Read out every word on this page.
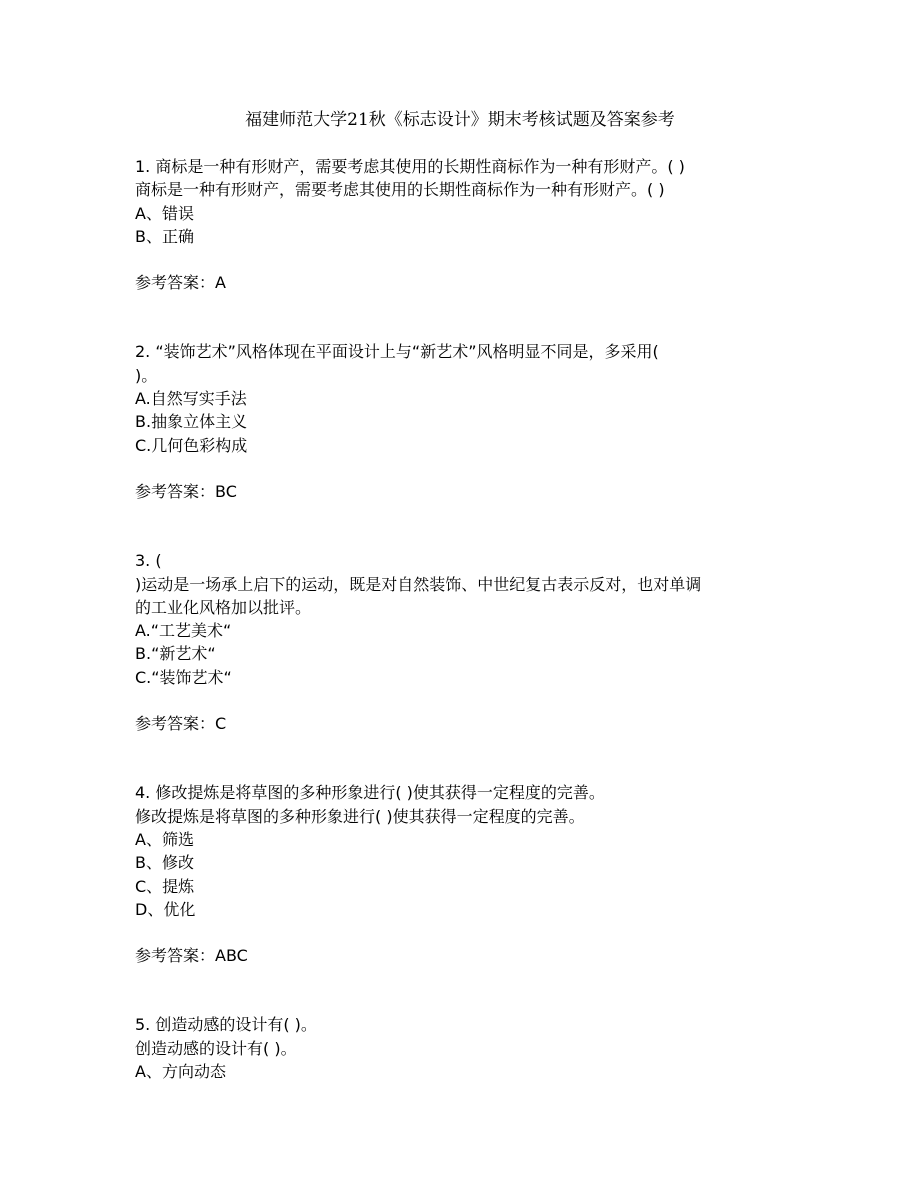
福建师范大学21秋《标志设计》期末考核试题及答案参考
1. 商标是一种有形财产，需要考虑其使用的长期性商标作为一种有形财产。( )
商标是一种有形财产，需要考虑其使用的长期性商标作为一种有形财产。( )
A、错误
B、正确
参考答案：A
2. “装饰艺术”风格体现在平面设计上与“新艺术”风格明显不同是，多采用(
)。
A.自然写实手法
B.抽象立体主义
C.几何色彩构成
参考答案：BC
3. (
)运动是一场承上启下的运动，既是对自然装饰、中世纪复古表示反对，也对单调
的工业化风格加以批评。
A.“工艺美术“
B.“新艺术“
C.“装饰艺术“
参考答案：C
4. 修改提炼是将草图的多种形象进行( )使其获得一定程度的完善。
修改提炼是将草图的多种形象进行( )使其获得一定程度的完善。
A、筛选
B、修改
C、提炼
D、优化
参考答案：ABC
5. 创造动感的设计有( )。
创造动感的设计有( )。
A、方向动态
